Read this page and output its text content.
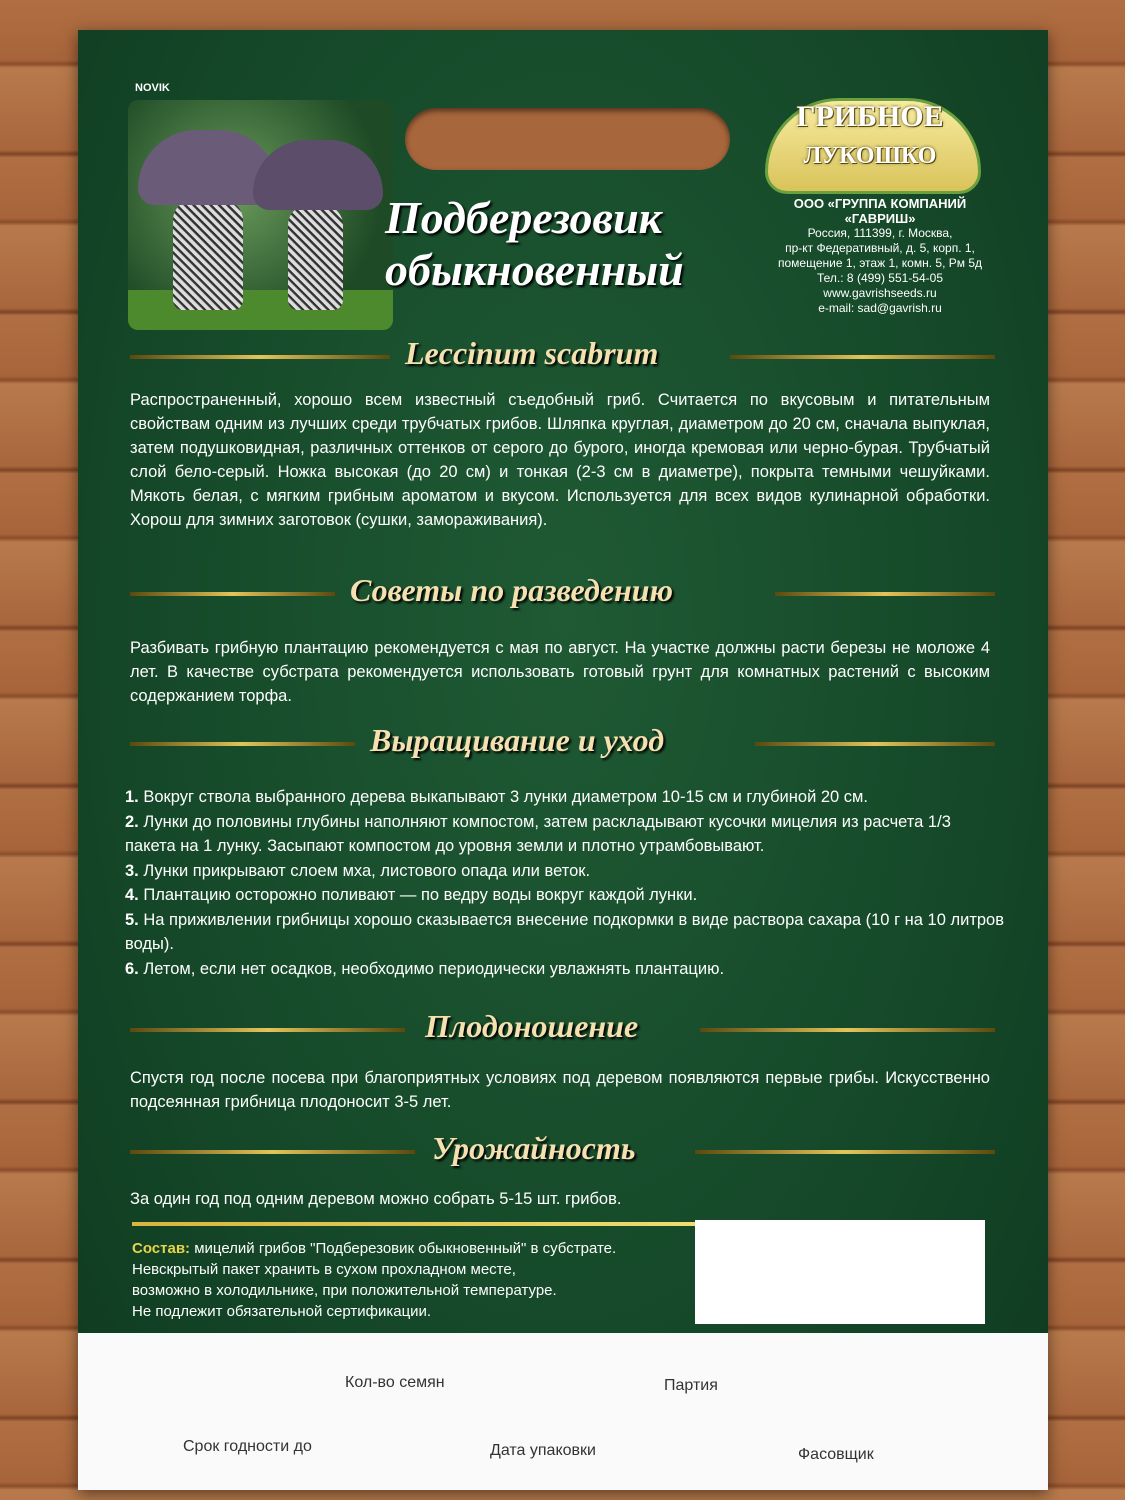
NOVIK
ГРИБНОЕ
ЛУКОШКО
ООО «ГРУППА КОМПАНИЙ
«ГАВРИШ»
Россия, 111399, г. Москва,
пр-кт Федеративный, д. 5, корп. 1,
помещение 1, этаж 1, комн. 5, Рм 5д
Тел.: 8 (499) 551-54-05
www.gavrishseeds.ru
e-mail: sad@gavrish.ru
Подберезовик
обыкновенный
Leccinum scabrum
Распространенный, хорошо всем известный съедобный гриб. Считается по вкусовым и питательным свойствам одним из лучших среди трубчатых грибов. Шляпка круглая, диаметром до 20 см, сначала выпуклая, затем подушковидная, различных оттенков от серого до бурого, иногда кремовая или черно-бурая. Трубчатый слой бело-серый. Ножка высокая (до 20 см) и тонкая (2-3 см в диаметре), покрыта темными чешуйками. Мякоть белая, с мягким грибным ароматом и вкусом. Используется для всех видов кулинарной обработки. Хорош для зимних заготовок (сушки, замораживания).
Советы по разведению
Разбивать грибную плантацию рекомендуется с мая по август. На участке должны расти березы не моложе 4 лет. В качестве субстрата рекомендуется использовать готовый грунт для комнатных растений с высоким содержанием торфа.
Выращивание и уход
1. Вокруг ствола выбранного дерева выкапывают 3 лунки диаметром 10-15 см и глубиной 20 см.
2. Лунки до половины глубины наполняют компостом, затем раскладывают кусочки мицелия из расчета 1/3 пакета на 1 лунку. Засыпают компостом до уровня земли и плотно утрамбовывают.
3. Лунки прикрывают слоем мха, листового опада или веток.
4. Плантацию осторожно поливают — по ведру воды вокруг каждой лунки.
5. На приживлении грибницы хорошо сказывается внесение подкормки в виде раствора сахара (10 г на 10 литров воды).
6. Летом, если нет осадков, необходимо периодически увлажнять плантацию.
Плодоношение
Спустя год после посева при благоприятных условиях под деревом появляются первые грибы. Искусственно подсеянная грибница плодоносит 3-5 лет.
Урожайность
За один год под одним деревом можно собрать 5-15 шт. грибов.
Состав: мицелий грибов "Подберезовик обыкновенный" в субстрате.
Невскрытый пакет хранить в сухом прохладном месте,
возможно в холодильнике, при положительной температуре.
Не подлежит обязательной сертификации.
Кол-во семян	Партия
Срок годности до	Дата упаковки	Фасовщик
